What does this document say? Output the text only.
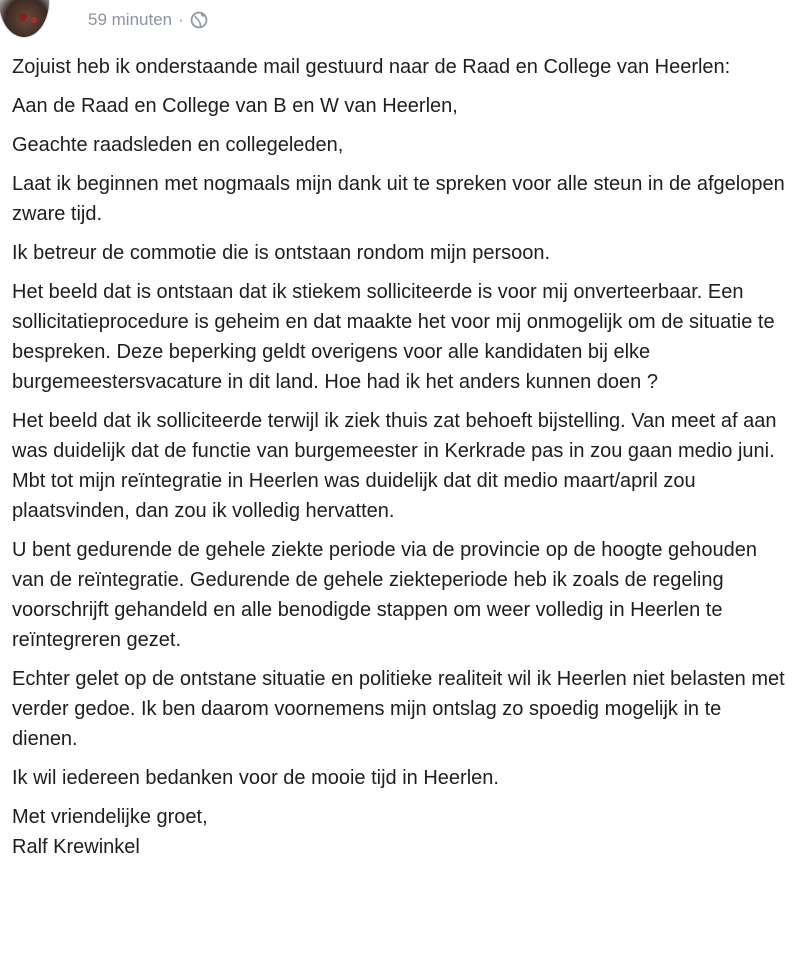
59 minuten ·

Zojuist heb ik onderstaande mail gestuurd naar de Raad en College van Heerlen:

Aan de Raad en College van B en W van Heerlen,

Geachte raadsleden en collegeleden,

Laat ik beginnen met nogmaals mijn dank uit te spreken voor alle steun in de afgelopen zware tijd.

Ik betreur de commotie die is ontstaan rondom mijn persoon.

Het beeld dat is ontstaan dat ik stiekem solliciteerde is voor mij onverteerbaar. Een sollicitatieprocedure is geheim en dat maakte het voor mij onmogelijk om de situatie te bespreken. Deze beperking geldt overigens voor alle kandidaten bij elke burgemeestersvacature in dit land. Hoe had ik het anders kunnen doen ?

Het beeld dat ik solliciteerde terwijl ik ziek thuis zat behoeft bijstelling. Van meet af aan was duidelijk dat de functie van burgemeester in Kerkrade pas in zou gaan medio juni. Mbt tot mijn reïntegratie in Heerlen was duidelijk dat dit medio maart/april zou plaatsvinden, dan zou ik volledig hervatten.

U bent gedurende de gehele ziekte periode via de provincie op de hoogte gehouden van de reïntegratie. Gedurende de gehele ziekteperiode heb ik zoals de regeling voorschrijft gehandeld en alle benodigde stappen om weer volledig in Heerlen te reïntegreren gezet.

Echter gelet op de ontstane situatie en politieke realiteit wil ik Heerlen niet belasten met verder gedoe. Ik ben daarom voornemens mijn ontslag zo spoedig mogelijk in te dienen.

Ik wil iedereen bedanken voor de mooie tijd in Heerlen.

Met vriendelijke groet,
Ralf Krewinkel
